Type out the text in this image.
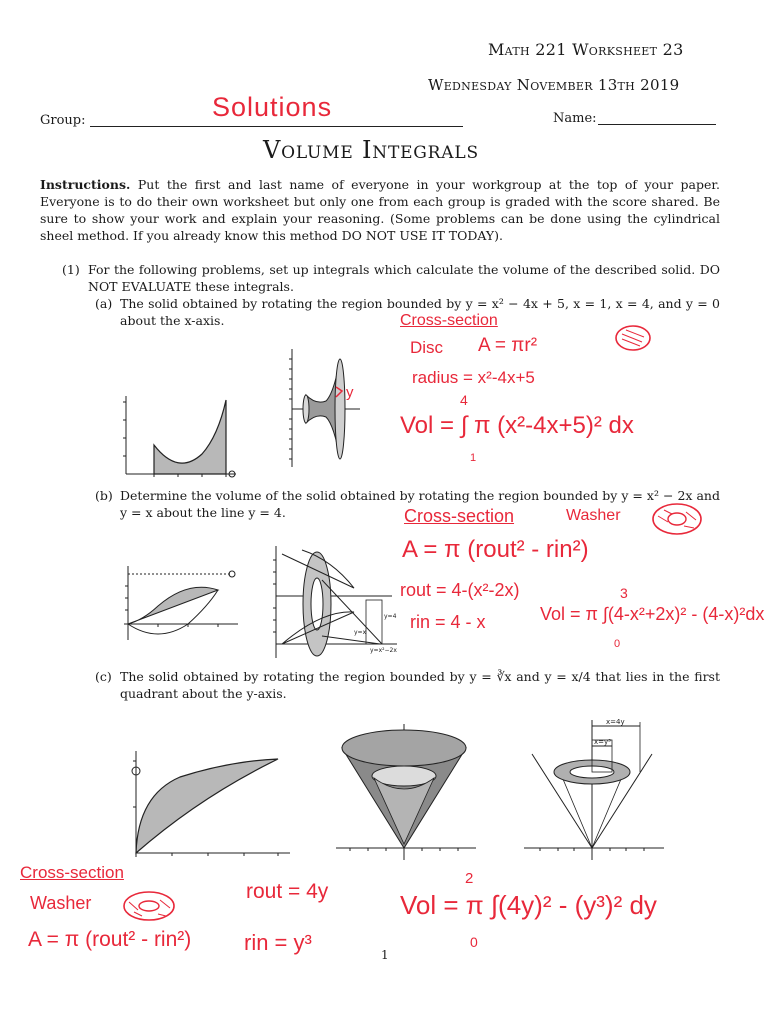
Math 221 Worksheet 23
Wednesday November 13th 2019
Group:	Solutions	Name:
Volume Integrals
Instructions. Put the first and last name of everyone in your workgroup at the top of your paper. Everyone is to do their own worksheet but only one from each group is graded with the score shared. Be sure to show your work and explain your reasoning. (Some problems can be done using the cylindrical sheel method. If you already know this method DO NOT USE IT TODAY).
(1) For the following problems, set up integrals which calculate the volume of the described solid. DO NOT EVALUATE these integrals.
(a) The solid obtained by rotating the region bounded by y = x² − 4x + 5, x = 1, x = 4, and y = 0 about the x-axis.
y
Cross-section
Disc A = πr²
radius = x²-4x+5
4
Vol = ∫ π (x²-4x+5)² dx
1
(b) Determine the volume of the solid obtained by rotating the region bounded by y = x² − 2x and y = x about the line y = 4.
y=4
y=x
y=x²−2x
Cross-section	Washer
A = π (rout² - rin²)
rout = 4-(x²-2x)
rin = 4 - x
3
Vol = π ∫(4-x²+2x)² - (4-x)²dx
0
(c) The solid obtained by rotating the region bounded by y = ∛x and y = x/4 that lies in the first quadrant about the y-axis.
x=4y
x=y³
Cross-section
Washer
A = π (rout² - rin²)
rout = 4y
rin = y³
2
Vol = π ∫(4y)² - (y³)² dy
0
1
